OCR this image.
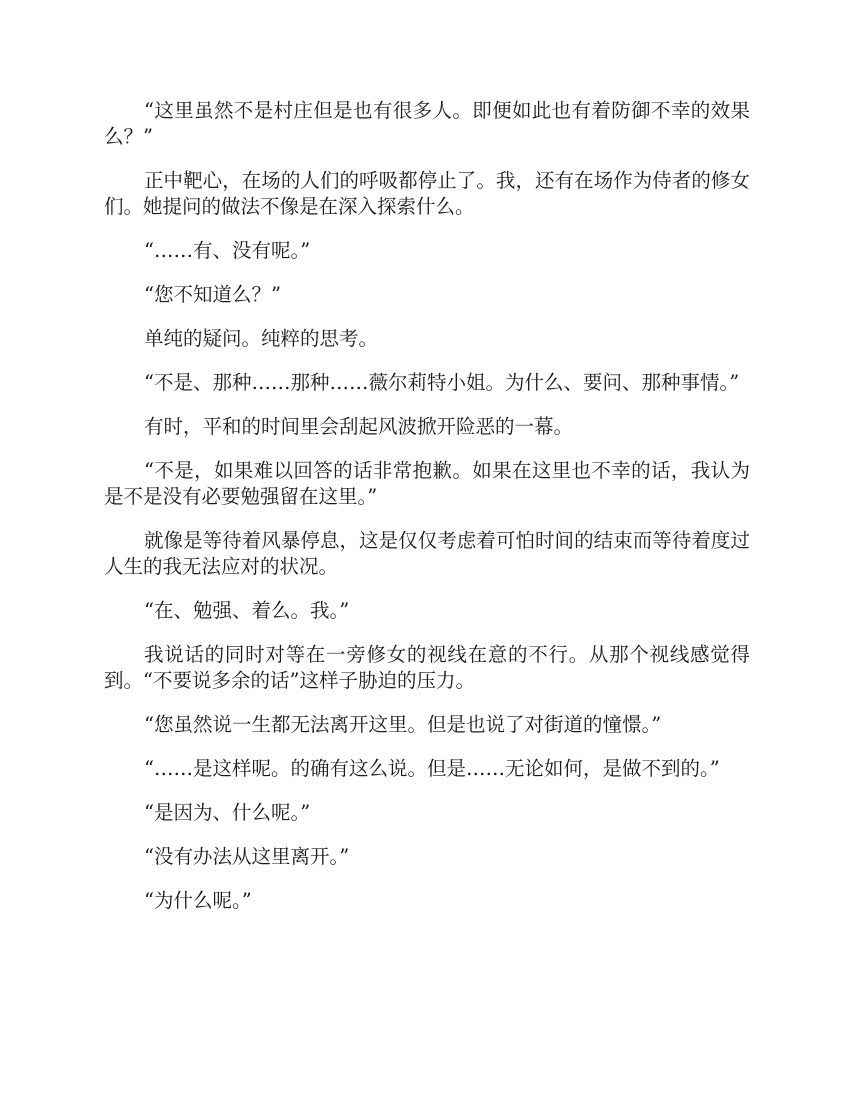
“这里虽然不是村庄但是也有很多人。即便如此也有着防御不幸的效果么？”

正中靶心，在场的人们的呼吸都停止了。我，还有在场作为侍者的修女们。她提问的做法不像是在深入探索什么。

“……有、没有呢。”

“您不知道么？”

单纯的疑问。纯粹的思考。

“不是、那种……那种……薇尔莉特小姐。为什么、要问、那种事情。”

有时，平和的时间里会刮起风波掀开险恶的一幕。

“不是，如果难以回答的话非常抱歉。如果在这里也不幸的话，我认为是不是没有必要勉强留在这里。”

就像是等待着风暴停息，这是仅仅考虑着可怕时间的结束而等待着度过人生的我无法应对的状况。

“在、勉强、着么。我。”

我说话的同时对等在一旁修女的视线在意的不行。从那个视线感觉得到。“不要说多余的话”这样子胁迫的压力。

“您虽然说一生都无法离开这里。但是也说了对街道的憧憬。”

“……是这样呢。的确有这么说。但是……无论如何，是做不到的。”

“是因为、什么呢。”

“没有办法从这里离开。”

“为什么呢。”
